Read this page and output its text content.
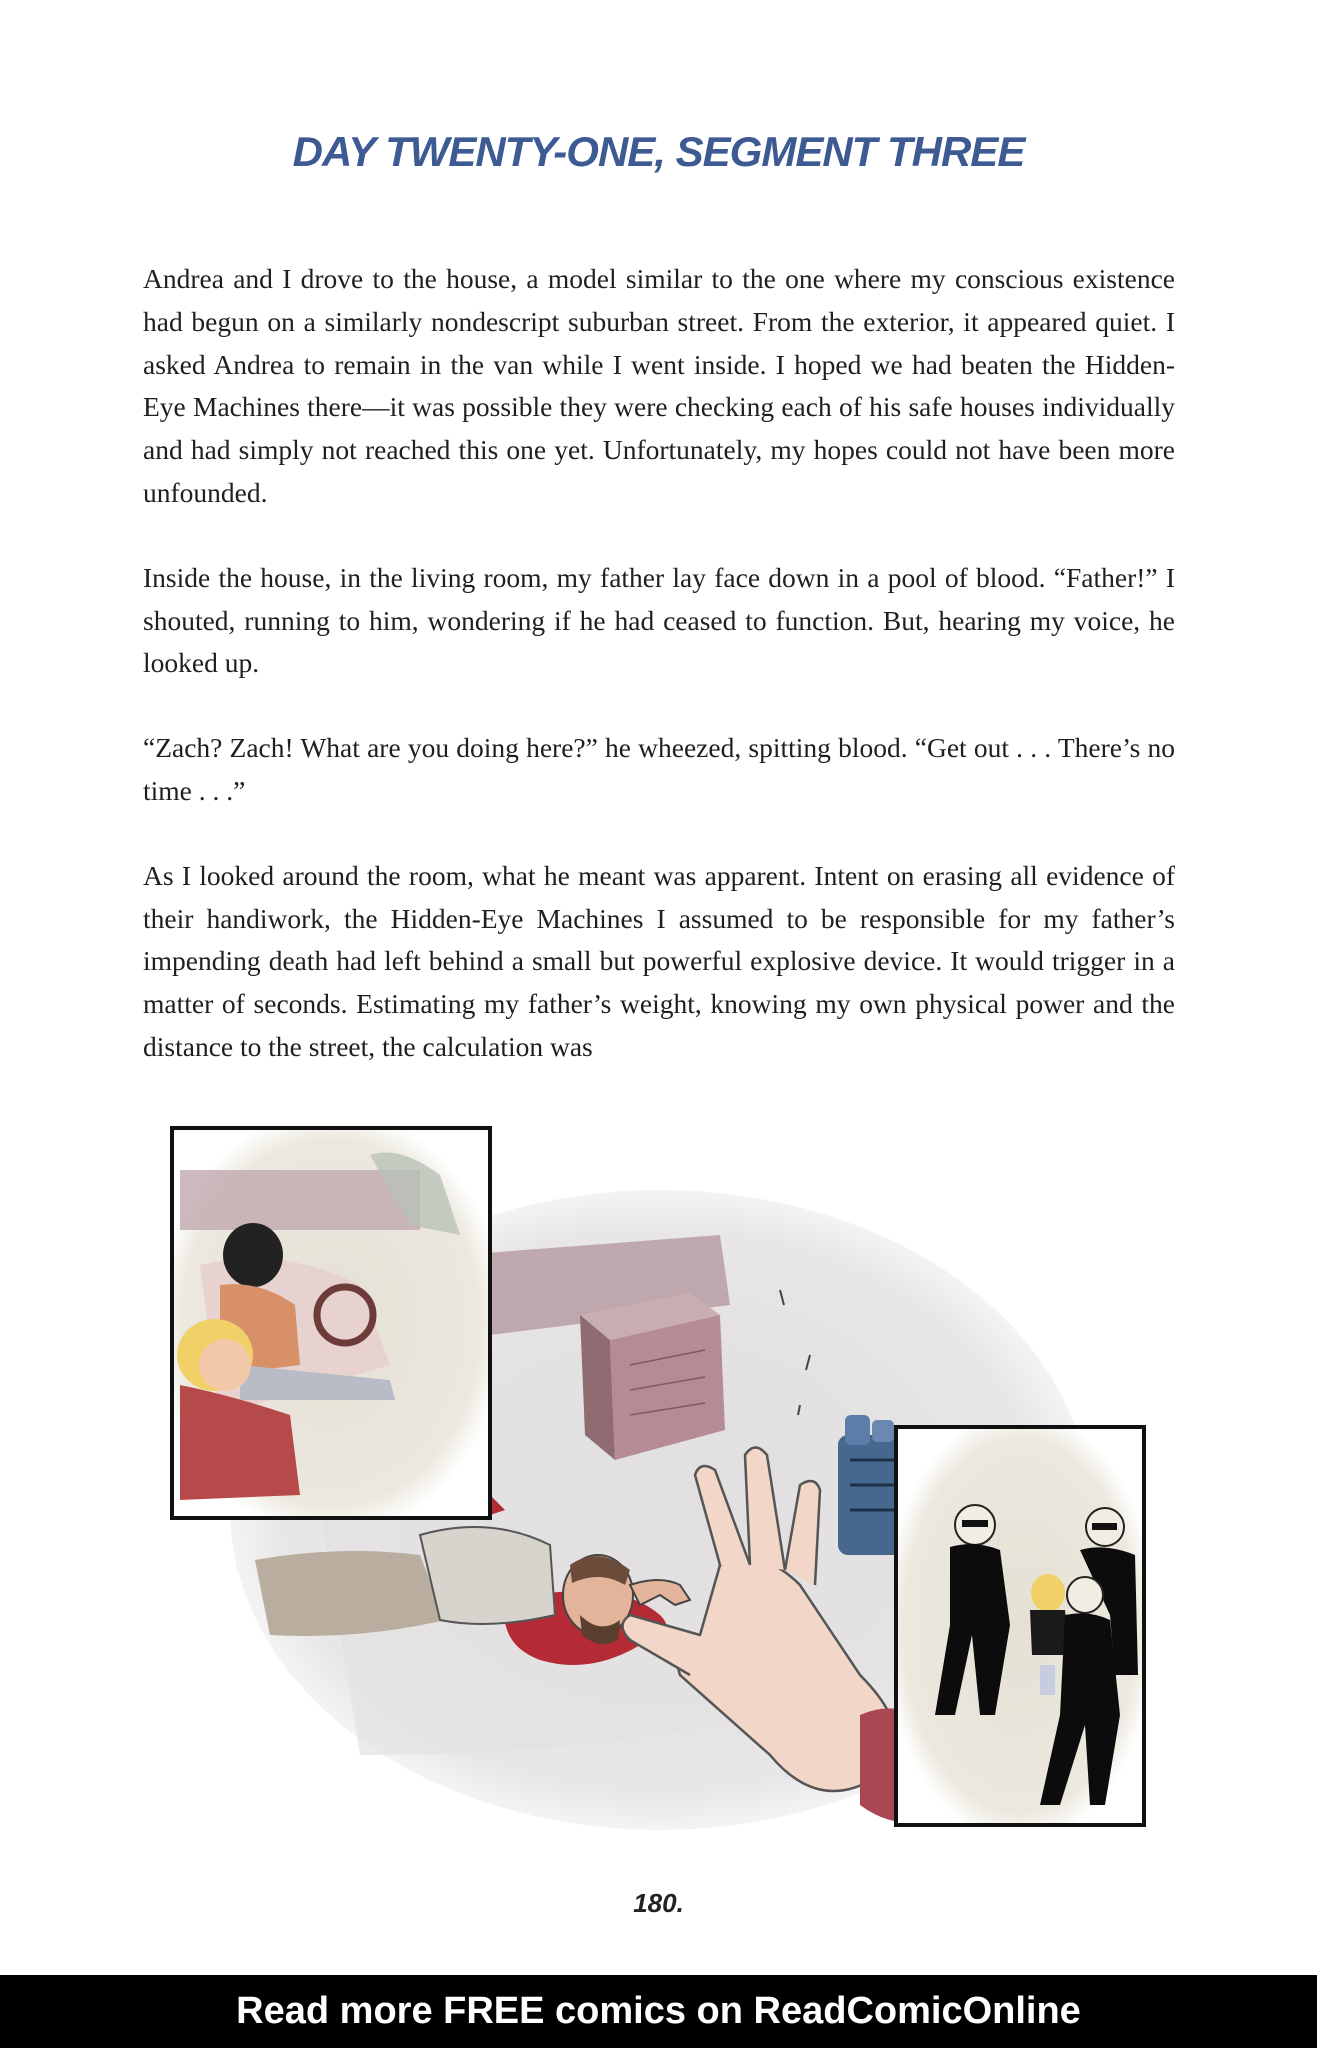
DAY TWENTY-ONE, SEGMENT THREE

Andrea and I drove to the house, a model similar to the one where my conscious existence had begun on a similarly nondescript suburban street. From the exterior, it appeared quiet. I asked Andrea to remain in the van while I went inside. I hoped we had beaten the Hidden-Eye Machines there—it was possible they were checking each of his safe houses individually and had simply not reached this one yet. Unfortunately, my hopes could not have been more unfounded.

Inside the house, in the living room, my father lay face down in a pool of blood. “Father!” I shouted, running to him, wondering if he had ceased to function. But, hearing my voice, he looked up.

“Zach? Zach! What are you doing here?” he wheezed, spitting blood. “Get out . . . There’s no time . . .”

As I looked around the room, what he meant was apparent. Intent on erasing all evidence of their handiwork, the Hidden-Eye Machines I assumed to be responsible for my father’s impending death had left behind a small but powerful explosive device. It would trigger in a matter of seconds. Estimating my father’s weight, knowing my own physical power and the distance to the street, the calculation was

180.
Read more FREE comics on ReadComicOnline
